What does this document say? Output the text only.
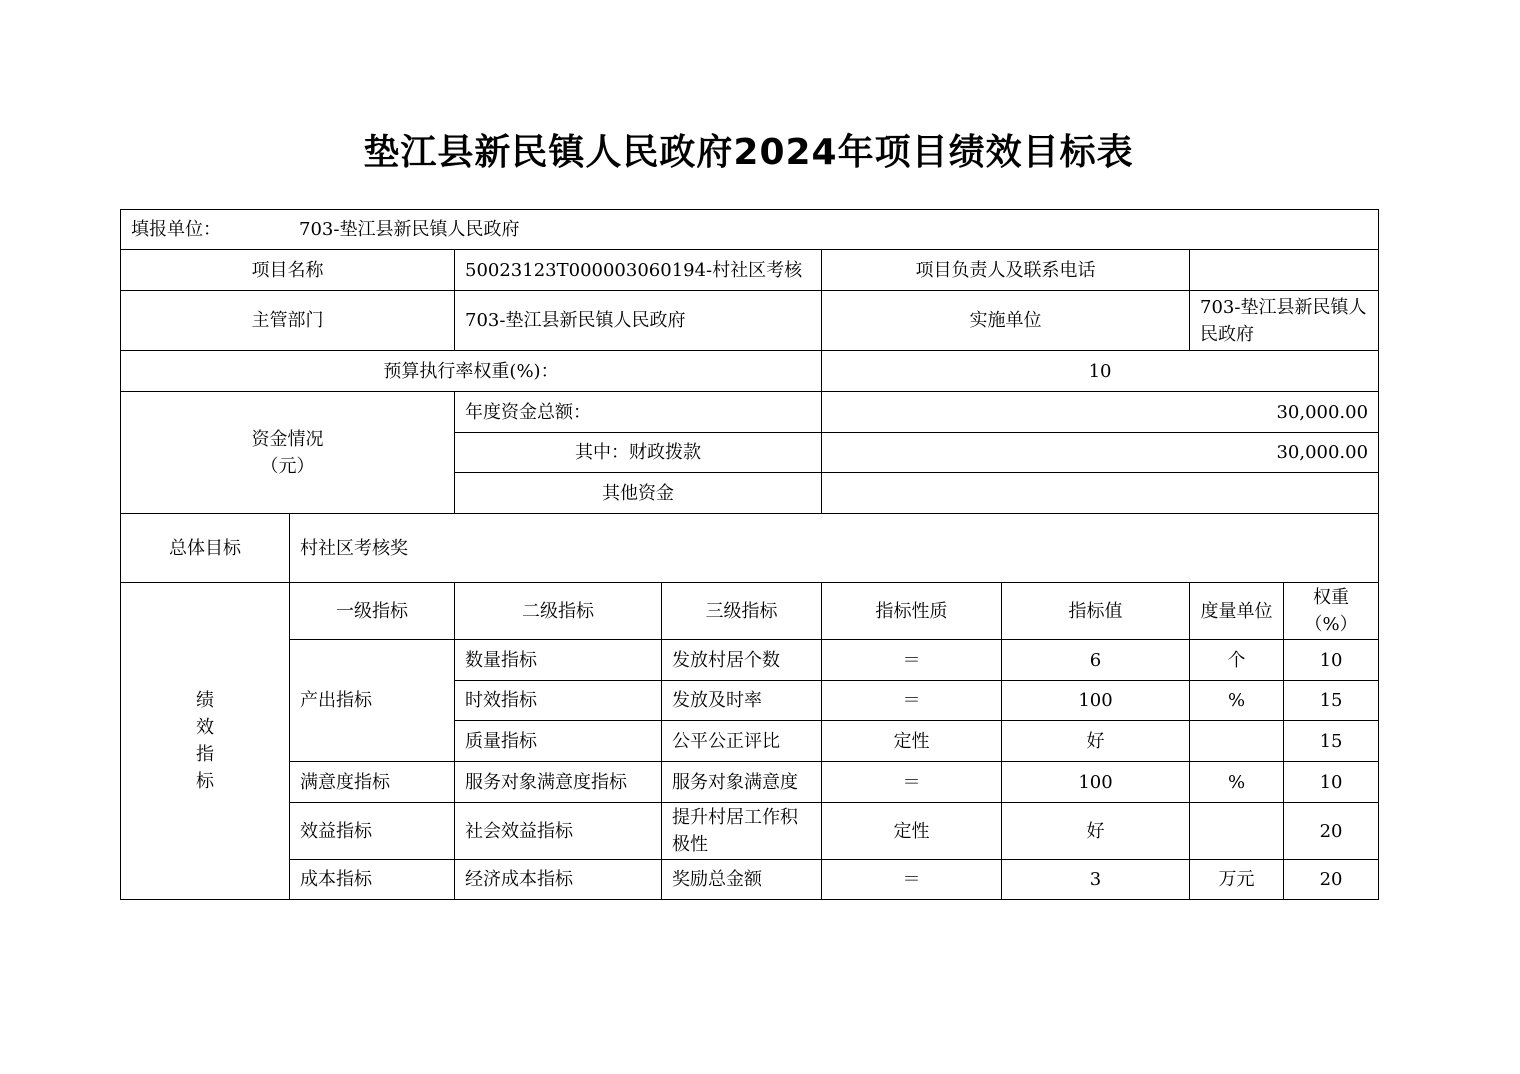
垫江县新民镇人民政府2024年项目绩效目标表
填报单位： 703-垫江县新民镇人民政府							
项目名称		50023123T000003060194-村社区考核		项目负责人及联系电话			
主管部门		703-垫江县新民镇人民政府		实施单位		703-垫江县新民镇人民政府	
预算执行率权重(%)：				10			

资金情况
（元）		年度资金总额：		30,000.00			
		其中：财政拨款		30,000.00			
		其他资金					
总体目标	村社区考核奖						

绩
效
指
标	一级指标	二级指标	三级指标	指标性质	指标值	度量单位	权重（%）
	产出指标	数量指标	发放村居个数	＝	6	个	10
		时效指标	发放及时率	＝	100	%	15
		质量指标	公平公正评比	定性	好		15
	满意度指标	服务对象满意度指标	服务对象满意度	＝	100	%	10
	效益指标	社会效益指标	提升村居工作积极性	定性	好		20
	成本指标	经济成本指标	奖励总金额	＝	3	万元	20
